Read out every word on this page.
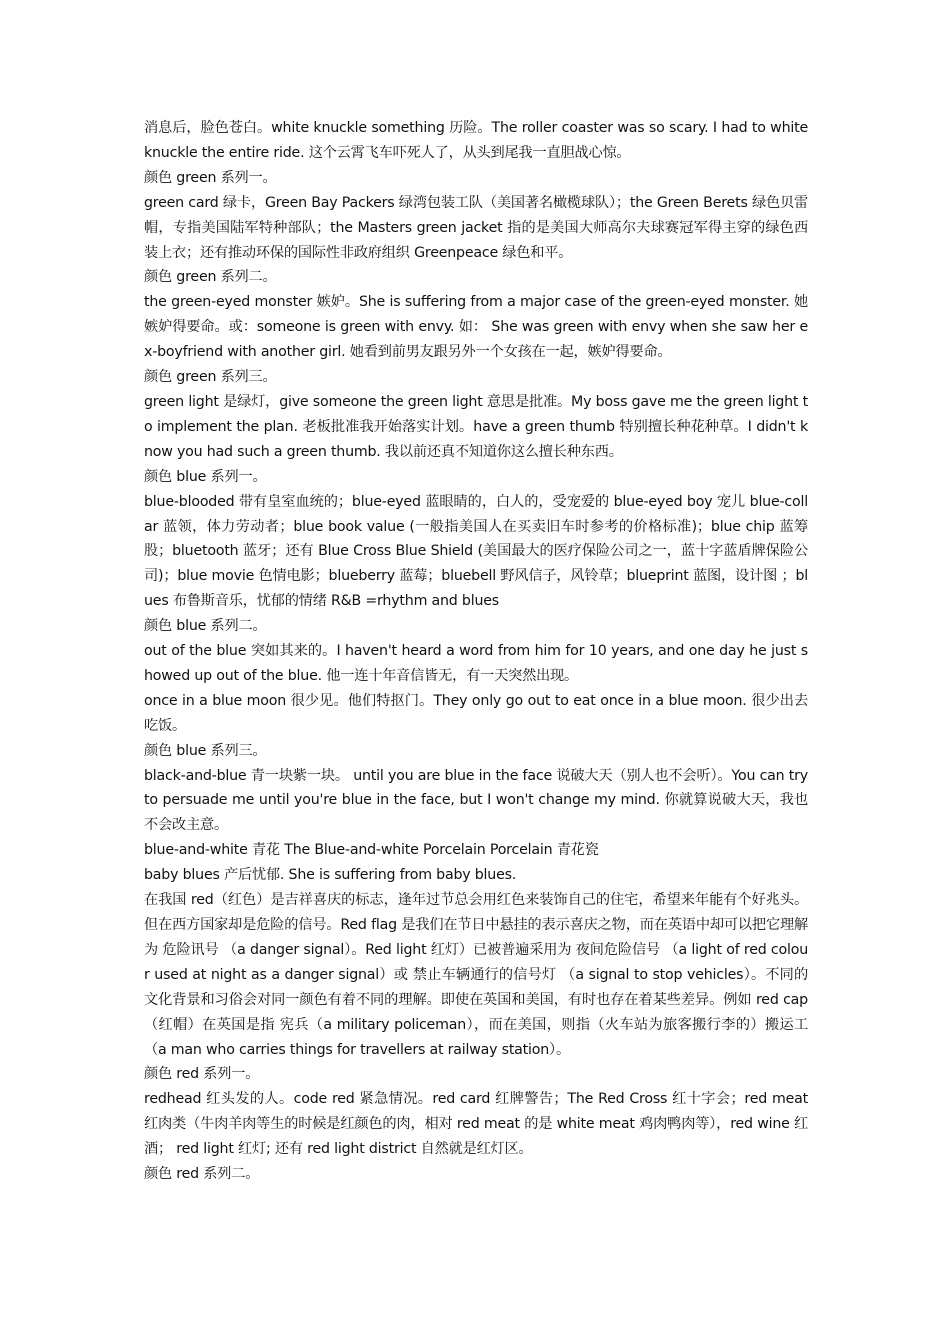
消息后，脸色苍白。white knuckle something 历险。The roller coaster was so scary. I had to white knuckle the entire ride. 这个云霄飞车吓死人了，从头到尾我一直胆战心惊。

颜色 green 系列一。

green card 绿卡，Green Bay Packers 绿湾包装工队（美国著名橄榄球队）；the Green Berets 绿色贝雷帽，专指美国陆军特种部队；the Masters green jacket 指的是美国大师高尔夫球赛冠军得主穿的绿色西装上衣；还有推动环保的国际性非政府组织 Greenpeace 绿色和平。

颜色 green 系列二。

the green-eyed monster 嫉妒。She is suffering from a major case of the green-eyed monster. 她嫉妒得要命。或：someone is green with envy. 如： She was green with envy when she saw her ex-boyfriend with another girl. 她看到前男友跟另外一个女孩在一起，嫉妒得要命。

颜色 green 系列三。

green light 是绿灯，give someone the green light 意思是批准。My boss gave me the green light to implement the plan. 老板批准我开始落实计划。have a green thumb 特别擅长种花种草。I didn't know you had such a green thumb. 我以前还真不知道你这么擅长种东西。

颜色 blue 系列一。

blue-blooded 带有皇室血统的；blue-eyed 蓝眼睛的，白人的，受宠爱的 blue-eyed boy 宠儿 blue-collar 蓝领，体力劳动者；blue book value (一般指美国人在买卖旧车时参考的价格标准)；blue chip 蓝筹股；bluetooth 蓝牙；还有 Blue Cross Blue Shield (美国最大的医疗保险公司之一，蓝十字蓝盾牌保险公司)；blue movie 色情电影；blueberry 蓝莓；bluebell 野风信子，风铃草；blueprint 蓝图，设计图 ；blues 布鲁斯音乐，忧郁的情绪 R&B =rhythm and blues

颜色 blue 系列二。

out of the blue 突如其来的。I haven't heard a word from him for 10 years, and one day he just showed up out of the blue. 他一连十年音信皆无，有一天突然出现。

once in a blue moon 很少见。他们特抠门。They only go out to eat once in a blue moon. 很少出去吃饭。

颜色 blue 系列三。

black-and-blue 青一块紫一块。 until you are blue in the face 说破大天（别人也不会听）。You can try to persuade me until you're blue in the face, but I won't change my mind. 你就算说破大天，我也不会改主意。

blue-and-white 青花 The Blue-and-white Porcelain Porcelain 青花瓷

baby blues 产后忧郁. She is suffering from baby blues.

在我国 red（红色）是吉祥喜庆的标志，逢年过节总会用红色来装饰自己的住宅，希望来年能有个好兆头。但在西方国家却是危险的信号。Red flag 是我们在节日中悬挂的表示喜庆之物，而在英语中却可以把它理解为 危险讯号 （a danger signal）。Red light 红灯）已被普遍采用为 夜间危险信号 （a light of red colour used at night as a danger signal）或 禁止车辆通行的信号灯 （a signal to stop vehicles）。不同的文化背景和习俗会对同一颜色有着不同的理解。即使在英国和美国，有时也存在着某些差异。例如 red cap（红帽）在英国是指 宪兵（a military policeman），而在美国，则指（火车站为旅客搬行李的）搬运工（a man who carries things for travellers at railway station）。

颜色 red 系列一。

redhead 红头发的人。code red 紧急情况。red card 红牌警告；The Red Cross 红十字会；red meat 红肉类（牛肉羊肉等生的时候是红颜色的肉，相对 red meat 的是 white meat 鸡肉鸭肉等），red wine 红酒； red light 红灯; 还有 red light district 自然就是红灯区。

颜色 red 系列二。
